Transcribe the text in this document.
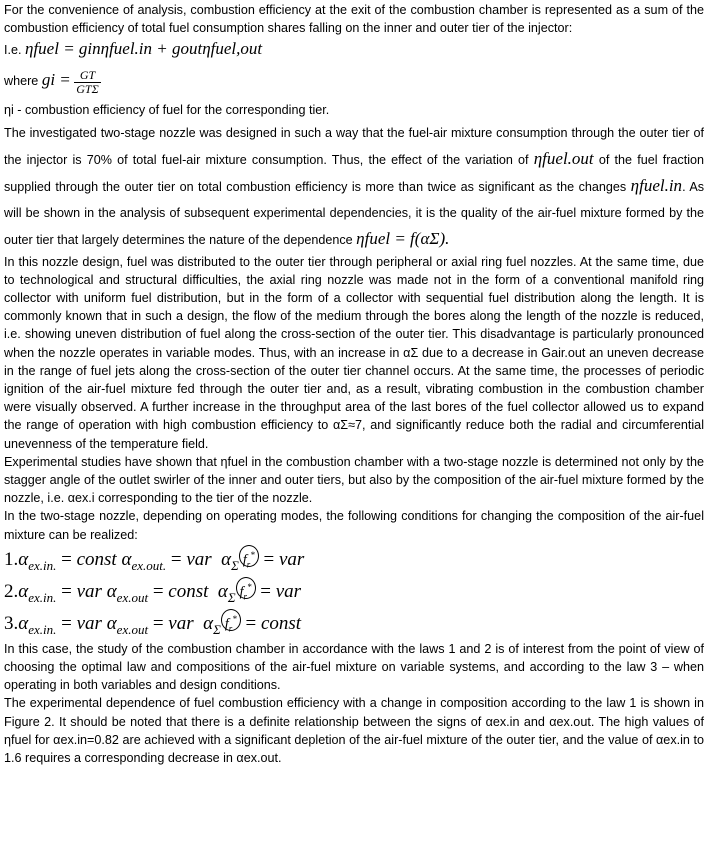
For the convenience of analysis, combustion efficiency at the exit of the combustion chamber is represented as a sum of the combustion efficiency of total fuel consumption shares falling on the inner and outer tier of the injector:

I.e. ηfuel = ginηfuel.in + goutηfuel,out
where gi = $\frac{GT}{\text{GTΣ}}$

ηi - combustion efficiency of fuel for the corresponding tier.

The investigated two-stage nozzle was designed in such a way that the fuel-air mixture consumption through the outer tier of the injector is 70% of total fuel-air mixture consumption. Thus, the effect of the variation of ηfuel.out of the fuel fraction supplied through the outer tier on total combustion efficiency is more than twice as significant as the changes ηfuel.in. As will be shown in the analysis of subsequent experimental dependencies, it is the quality of the air-fuel mixture formed by the outer tier that largely determines the nature of the dependence ηfuel = f(αΣ).

In this nozzle design, fuel was distributed to the outer tier through peripheral or axial ring fuel nozzles. At the same time, due to technological and structural difficulties, the axial ring nozzle was made not in the form of a conventional manifold ring collector with uniform fuel distribution, but in the form of a collector with sequential fuel distribution along the length. It is commonly known that in such a design, the flow of the medium through the bores along the length of the nozzle is reduced, i.e. showing uneven distribution of fuel along the cross-section of the outer tier. This disadvantage is particularly pronounced when the nozzle operates in variable modes. Thus, with an increase in αΣ due to a decrease in Gair.out an uneven decrease in the range of fuel jets along the cross-section of the outer tier channel occurs. At the same time, the processes of periodic ignition of the air-fuel mixture fed through the outer tier and, as a result, vibrating combustion in the combustion chamber were visually observed. A further increase in the throughput area of the last bores of the fuel collector allowed us to expand the range of operation with high combustion efficiency to αΣ≈7, and significantly reduce both the radial and circumferential unevenness of the temperature field.

Experimental studies have shown that ηfuel in the combustion chamber with a two-stage nozzle is determined not only by the stagger angle of the outlet swirler of the inner and outer tiers, but also by the composition of the air-fuel mixture formed by the nozzle, i.e. αex.i corresponding to the tier of the nozzle.

In the two-stage nozzle, depending on operating modes, the following conditions for changing the composition of the air-fuel mixture can be realized:

$1.\alpha_{ex.in.}$ = const $\alpha_{ex.out.}$ = var $\alpha_\Sigma$ $f_r^*$ = var
$2.\alpha_{ex.in.}$ = var $\alpha_{ex.out}$ = const $\alpha_\Sigma$ $f_r^*$ = var
$3.\alpha_{ex.in.}$ = var $\alpha_{ex.out}$ = var $\alpha_\Sigma$ $f_r^*$ = const

In this case, the study of the combustion chamber in accordance with the laws 1 and 2 is of interest from the point of view of choosing the optimal law and compositions of the air-fuel mixture on variable systems, and according to the law 3 – when operating in both variables and design conditions.

The experimental dependence of fuel combustion efficiency with a change in composition according to the law 1 is shown in Figure 2. It should be noted that there is a definite relationship between the signs of αex.in and αex.out. The high values of ηfuel for αex.in=0.82 are achieved with a significant depletion of the air-fuel mixture of the outer tier, and the value of αex.in to 1.6 requires a corresponding decrease in αex.out.
